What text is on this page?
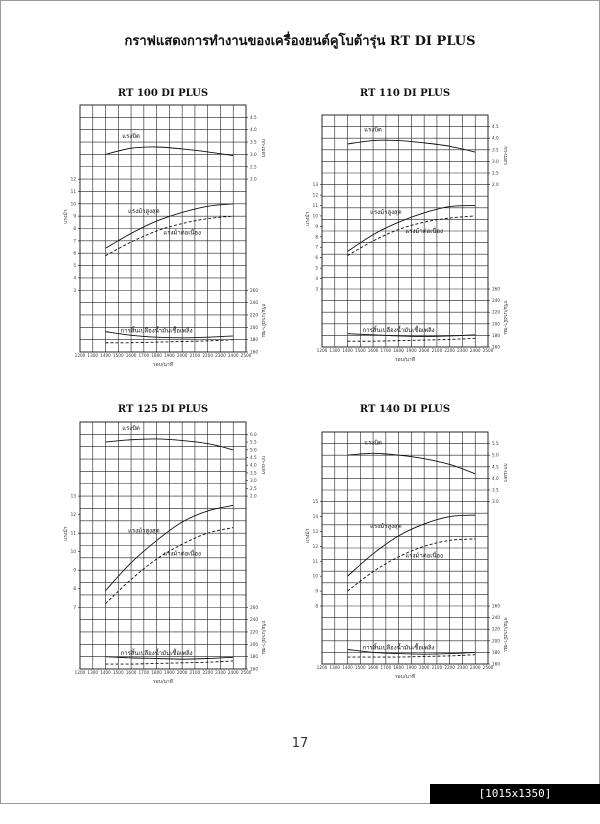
กราฟแสดงการทำงานของเครื่องยนต์คูโบต้ารุ่น RT DI PLUS
RT 100 DI PLUS
1200 1300 1400 1500 1600 1700 1800 1900 2000 2100 2200 2300 2400 2500
รอบ/นาที
2.0
2.5
3.0
3.5
4.0
4.5
กก-เมตร
3
4
5
6
7
8
9
10
11
12
แรงม้า
160
180
200
220
240
260
กรัม/แรงม้า-ชม.
แรงบิด
แรงม้าสูงสุด
แรงม้าต่อเนื่อง
การสิ้นเปลืองน้ำมันเชื้อเพลิง
RT 110 DI PLUS
1200 1300 1400 1500 1600 1700 1800 1900 2000 2100 2200 2300 2400 2500
รอบ/นาที
2.0
2.5
3.0
3.5
4.0
4.5
กก-เมตร
3
4
5
6
7
8
9
10
11
12
13
แรงม้า
160
180
200
220
240
260
กรัม/แรงม้า-ชม.
แรงบิด
แรงม้าสูงสุด
แรงม้าต่อเนื่อง
การสิ้นเปลืองน้ำมันเชื้อเพลิง
RT 125 DI PLUS
1200 1300 1400 1500 1600 1700 1800 1900 2000 2100 2200 2300 2400 2500
รอบ/นาที
2.0
2.5
3.0
3.5
4.0
4.5
5.0
5.5
6.0
กก-เมตร
7
8
9
10
11
12
13
แรงม้า
160
180
200
220
240
260
กรัม/แรงม้า-ชม.
แรงบิด
แรงม้าสูงสุด
แรงม้าต่อเนื่อง
การสิ้นเปลืองน้ำมันเชื้อเพลิง
RT 140 DI PLUS
1200 1300 1400 1500 1600 1700 1800 1900 2000 2100 2200 2300 2400 2500
รอบ/นาที
3.0
3.5
4.0
4.5
5.0
5.5
กก-เมตร
8
9
10
11
12
13
14
15
แรงม้า
160
180
200
220
240
260
กรัม/แรงม้า-ชม.
แรงบิด
แรงม้าสูงสุด
แรงม้าต่อเนื่อง
การสิ้นเปลืองน้ำมันเชื้อเพลิง
17
[1015x1350] https://upic.me/
